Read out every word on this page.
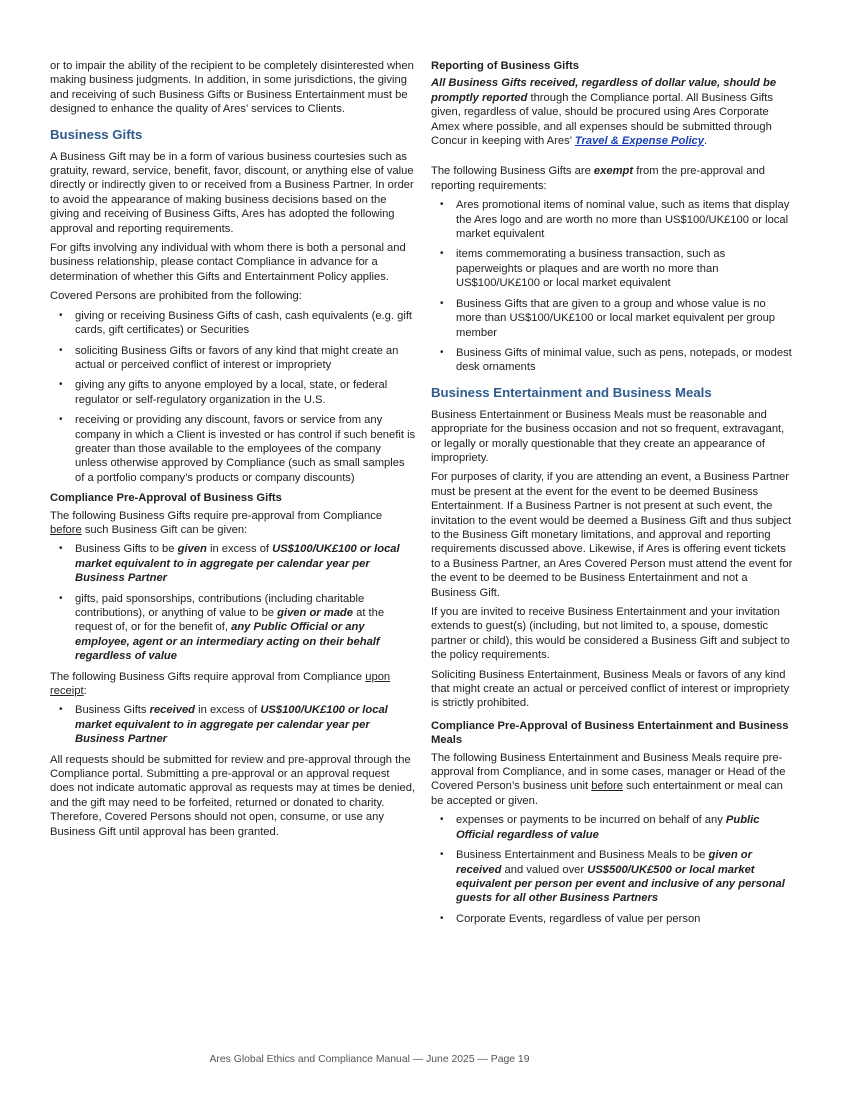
or to impair the ability of the recipient to be completely disinterested when making business judgments. In addition, in some jurisdictions, the giving and receiving of such Business Gifts or Business Entertainment must be designed to enhance the quality of Ares’ services to Clients.

Business Gifts

A Business Gift may be in a form of various business courtesies such as gratuity, reward, service, benefit, favor, discount, or anything else of value directly or indirectly given to or received from a Business Partner. In order to avoid the appearance of making business decisions based on the giving and receiving of Business Gifts, Ares has adopted the following approval and reporting requirements.

For gifts involving any individual with whom there is both a personal and business relationship, please contact Compliance in advance for a determination of whether this Gifts and Entertainment Policy applies.

Covered Persons are prohibited from the following:

• giving or receiving Business Gifts of cash, cash equivalents (e.g. gift cards, gift certificates) or Securities
• soliciting Business Gifts or favors of any kind that might create an actual or perceived conflict of interest or impropriety
• giving any gifts to anyone employed by a local, state, or federal regulator or self-regulatory organization in the U.S.
• receiving or providing any discount, favors or service from any company in which a Client is invested or has control if such benefit is greater than those available to the employees of the company unless otherwise approved by Compliance (such as small samples of a portfolio company’s products or company discounts)
Compliance Pre-Approval of Business Gifts

The following Business Gifts require pre-approval from Compliance before such Business Gift can be given:

• Business Gifts to be given in excess of US$100/UK£100 or local market equivalent to in aggregate per calendar year per Business Partner
• gifts, paid sponsorships, contributions (including charitable contributions), or anything of value to be given or made at the request of, or for the benefit of, any Public Official or any employee, agent or an intermediary acting on their behalf regardless of value

The following Business Gifts require approval from Compliance upon receipt:

• Business Gifts received in excess of US$100/UK£100 or local market equivalent to in aggregate per calendar year per Business Partner

All requests should be submitted for review and pre-approval through the Compliance portal. Submitting a pre-approval or an approval request does not indicate automatic approval as requests may at times be denied, and the gift may need to be forfeited, returned or donated to charity. Therefore, Covered Persons should not open, consume, or use any Business Gift until approval has been granted.

Reporting of Business Gifts

All Business Gifts received, regardless of dollar value, should be promptly reported through the Compliance portal. All Business Gifts given, regardless of value, should be procured using Ares Corporate Amex where possible, and all expenses should be submitted through Concur in keeping with Ares’ Travel & Expense Policy.

The following Business Gifts are exempt from the pre-approval and reporting requirements:

• Ares promotional items of nominal value, such as items that display the Ares logo and are worth no more than US$100/UK£100 or local market equivalent
• items commemorating a business transaction, such as paperweights or plaques and are worth no more than US$100/UK£100 or local market equivalent
• Business Gifts that are given to a group and whose value is no more than US$100/UK£100 or local market equivalent per group member
• Business Gifts of minimal value, such as pens, notepads, or modest desk ornaments
Business Entertainment and Business Meals

Business Entertainment or Business Meals must be reasonable and appropriate for the business occasion and not so frequent, extravagant, or legally or morally questionable that they create an appearance of impropriety.

For purposes of clarity, if you are attending an event, a Business Partner must be present at the event for the event to be deemed Business Entertainment. If a Business Partner is not present at such event, the invitation to the event would be deemed a Business Gift and thus subject to the Business Gift monetary limitations, and approval and reporting requirements discussed above. Likewise, if Ares is offering event tickets to a Business Partner, an Ares Covered Person must attend the event for the event to be deemed to be Business Entertainment and not a Business Gift.

If you are invited to receive Business Entertainment and your invitation extends to guest(s) (including, but not limited to, a spouse, domestic partner or child), this would be considered a Business Gift and subject to the policy requirements.

Soliciting Business Entertainment, Business Meals or favors of any kind that might create an actual or perceived conflict of interest or impropriety is strictly prohibited.

Compliance Pre-Approval of Business Entertainment and Business Meals

The following Business Entertainment and Business Meals require pre-approval from Compliance, and in some cases, manager or Head of the Covered Person’s business unit before such entertainment or meal can be accepted or given.

• expenses or payments to be incurred on behalf of any Public Official regardless of value
• Business Entertainment and Business Meals to be given or received and valued over US$500/UK£500 or local market equivalent per person per event and inclusive of any personal guests for all other Business Partners
• Corporate Events, regardless of value per person
Ares Global Ethics and Compliance Manual — June 2025 — Page 19
